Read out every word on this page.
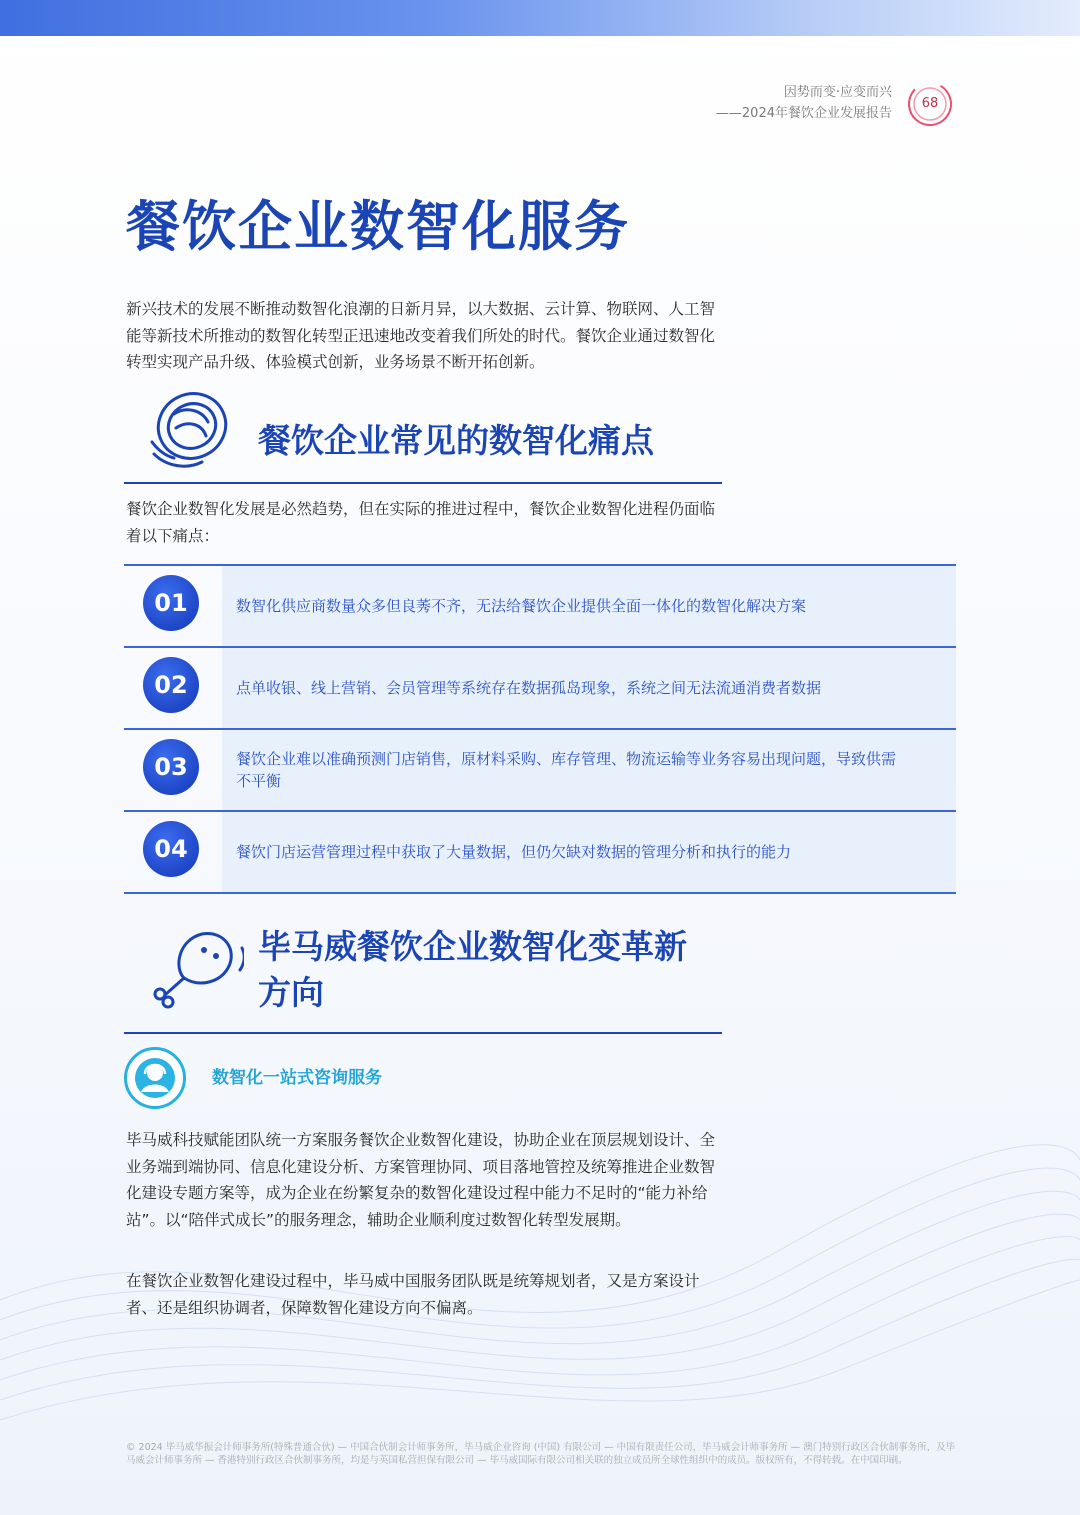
因势而变·应变而兴
——2024年餐饮企业发展报告
68
餐饮企业数智化服务

新兴技术的发展不断推动数智化浪潮的日新月异，以大数据、云计算、物联网、人工智能等新技术所推动的数智化转型正迅速地改变着我们所处的时代。餐饮企业通过数智化转型实现产品升级、体验模式创新，业务场景不断开拓创新。

餐饮企业常见的数智化痛点

餐饮企业数智化发展是必然趋势，但在实际的推进过程中，餐饮企业数智化进程仍面临着以下痛点：

01	数智化供应商数量众多但良莠不齐，无法给餐饮企业提供全面一体化的数智化解决方案
02	点单收银、线上营销、会员管理等系统存在数据孤岛现象，系统之间无法流通消费者数据
03	餐饮企业难以准确预测门店销售，原材料采购、库存管理、物流运输等业务容易出现问题，导致供需不平衡
04	餐饮门店运营管理过程中获取了大量数据，但仍欠缺对数据的管理分析和执行的能力
毕马威餐饮企业数智化变革新
方向
数智化一站式咨询服务

毕马威科技赋能团队统一方案服务餐饮企业数智化建设，协助企业在顶层规划设计、全业务端到端协同、信息化建设分析、方案管理协同、项目落地管控及统筹推进企业数智化建设专题方案等，成为企业在纷繁复杂的数智化建设过程中能力不足时的“能力补给站”。以“陪伴式成长”的服务理念，辅助企业顺利度过数智化转型发展期。

在餐饮企业数智化建设过程中，毕马威中国服务团队既是统筹规划者，又是方案设计者、还是组织协调者，保障数智化建设方向不偏离。

© 2024 毕马威华振会计师事务所(特殊普通合伙) — 中国合伙制会计师事务所，毕马威企业咨询 (中国) 有限公司 — 中国有限责任公司，毕马威会计师事务所 — 澳门特别行政区合伙制事务所，及毕马威会计师事务所 — 香港特别行政区合伙制事务所，均是与英国私营担保有限公司 — 毕马威国际有限公司相关联的独立成员所全球性组织中的成员。版权所有，不得转载。在中国印刷。
